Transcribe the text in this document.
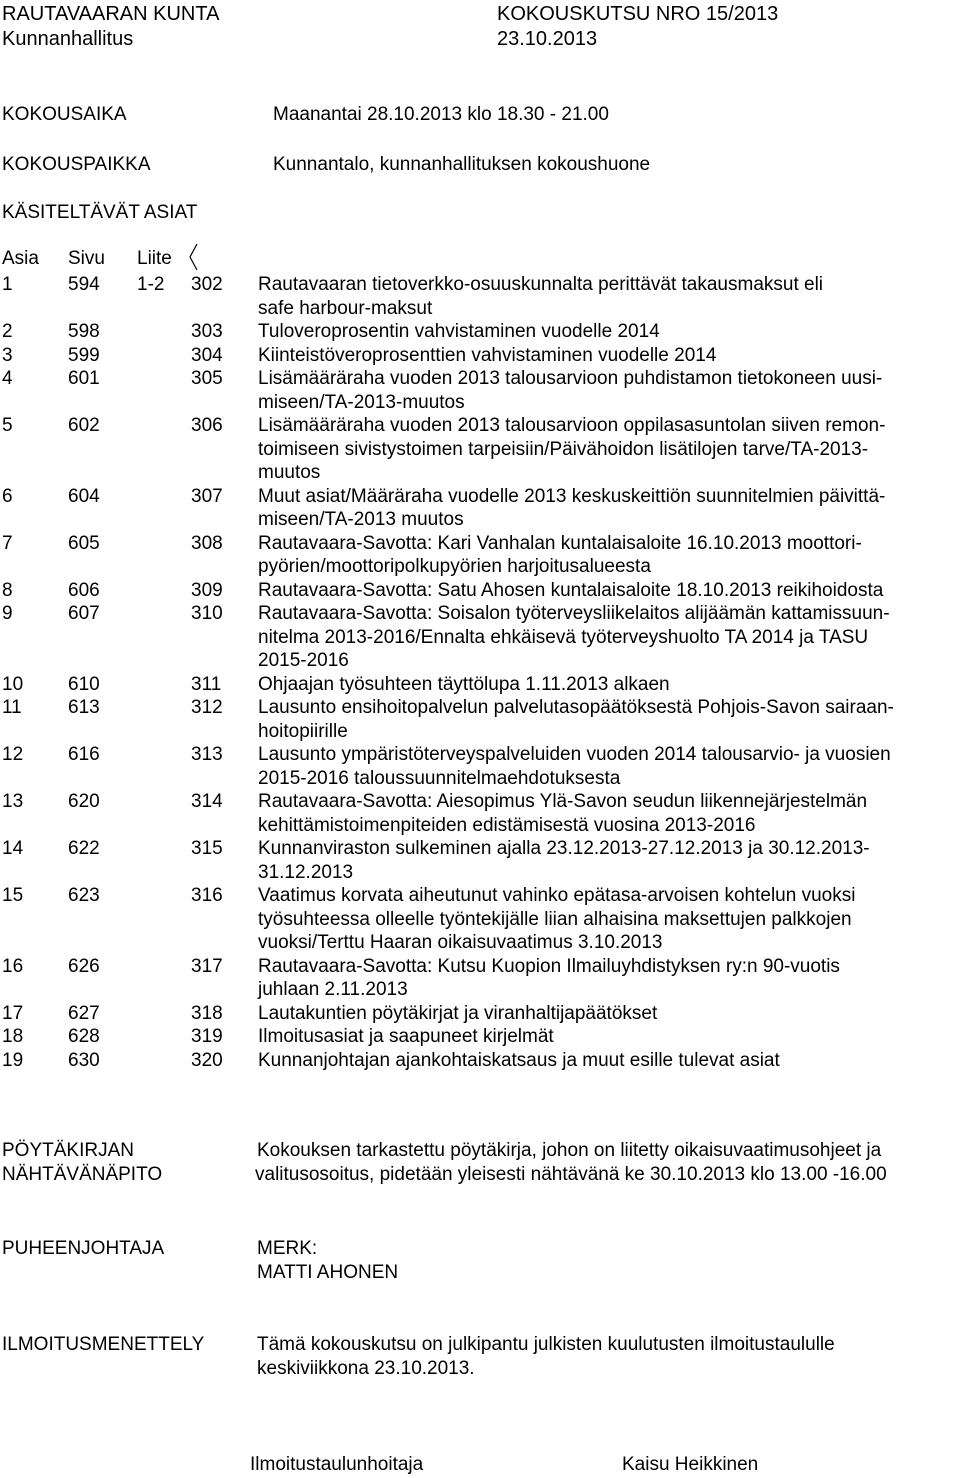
RAUTAVAARAN KUNTA
Kunnanhallitus
KOKOUSKUTSU NRO 15/2013
23.10.2013
KOKOUSAIKA	Maanantai 28.10.2013 klo 18.30 - 21.00
KOKOUSPAIKKA	Kunnantalo, kunnanhallituksen kokoushuone
KÄSITELTÄVÄT ASIAT
Asia Sivu Liite
1	594 1-2 302 Rautavaaran tietoverkko-osuuskunnalta perittävät takausmaksut eli
safe harbour-maksut
2	598	303 Tuloveroprosentin vahvistaminen vuodelle 2014
3	599	304 Kiinteistöveroprosenttien vahvistaminen vuodelle 2014
4	601	305 Lisämääräraha vuoden 2013 talousarvioon puhdistamon tietokoneen uusi-
miseen/TA-2013-muutos
5	602	306 Lisämääräraha vuoden 2013 talousarvioon oppilasasuntolan siiven remon-
toimiseen sivistystoimen tarpeisiin/Päivähoidon lisätilojen tarve/TA-2013-
muutos
6	604	307 Muut asiat/Määräraha vuodelle 2013 keskuskeittiön suunnitelmien päivittä-
miseen/TA-2013 muutos
7	605	308 Rautavaara-Savotta: Kari Vanhalan kuntalaisaloite 16.10.2013 moottori-
pyörien/moottoripolkupyörien harjoitusalueesta
8	606	309 Rautavaara-Savotta: Satu Ahosen kuntalaisaloite 18.10.2013 reikihoidosta
9	607	310 Rautavaara-Savotta: Soisalon työterveysliikelaitos alijäämän kattamissuun-
nitelma 2013-2016/Ennalta ehkäisevä työterveyshuolto TA 2014 ja TASU
2015-2016
10 610	311 Ohjaajan työsuhteen täyttölupa 1.11.2013 alkaen
11 613	312 Lausunto ensihoitopalvelun palvelutasopäätöksestä Pohjois-Savon sairaan-
hoitopiirille
12 616	313 Lausunto ympäristöterveyspalveluiden vuoden 2014 talousarvio- ja vuosien
2015-2016 taloussuunnitelmaehdotuksesta
13 620	314 Rautavaara-Savotta: Aiesopimus Ylä-Savon seudun liikennejärjestelmän
kehittämistoimenpiteiden edistämisestä vuosina 2013-2016
14 622	315 Kunnanviraston sulkeminen ajalla 23.12.2013-27.12.2013 ja 30.12.2013-
31.12.2013
15 623	316 Vaatimus korvata aiheutunut vahinko epätasa-arvoisen kohtelun vuoksi
työsuhteessa olleelle työntekijälle liian alhaisina maksettujen palkkojen
vuoksi/Terttu Haaran oikaisuvaatimus 3.10.2013
16 626	317 Rautavaara-Savotta: Kutsu Kuopion Ilmailuyhdistyksen ry:n 90-vuotis
juhlaan 2.11.2013
17 627	318 Lautakuntien pöytäkirjat ja viranhaltijapäätökset
18 628	319 Ilmoitusasiat ja saapuneet kirjelmät
19 630	320 Kunnanjohtajan ajankohtaiskatsaus ja muut esille tulevat asiat
PÖYTÄKIRJAN
NÄHTÄVÄNÄPITO
Kokouksen tarkastettu pöytäkirja, johon on liitetty oikaisuvaatimusohjeet ja
valitusosoitus, pidetään yleisesti nähtävänä ke 30.10.2013 klo 13.00 -16.00
PUHEENJOHTAJA	MERK:
MATTI AHONEN
ILMOITUSMENETTELY	Tämä kokouskutsu on julkipantu julkisten kuulutusten ilmoitustaululle
keskiviikkona 23.10.2013.
Ilmoitustaulunhoitaja	Kaisu Heikkinen
